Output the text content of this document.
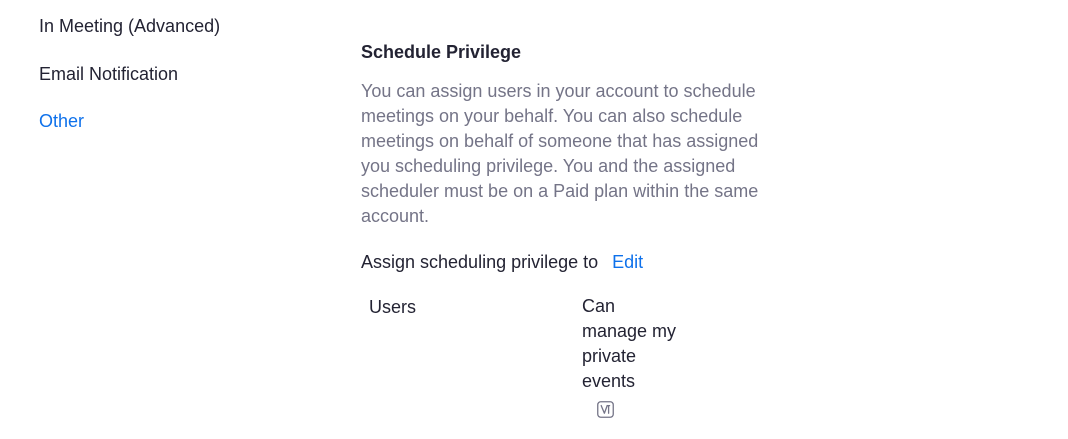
In Meeting (Advanced)
Email Notification
Other
Schedule Privilege
You can assign users in your account to schedule meetings on your behalf. You can also schedule meetings on behalf of someone that has assigned you scheduling privilege. You and the assigned scheduler must be on a Paid plan within the same account.
Assign scheduling privilege to Edit
Users	Can manage my private events
